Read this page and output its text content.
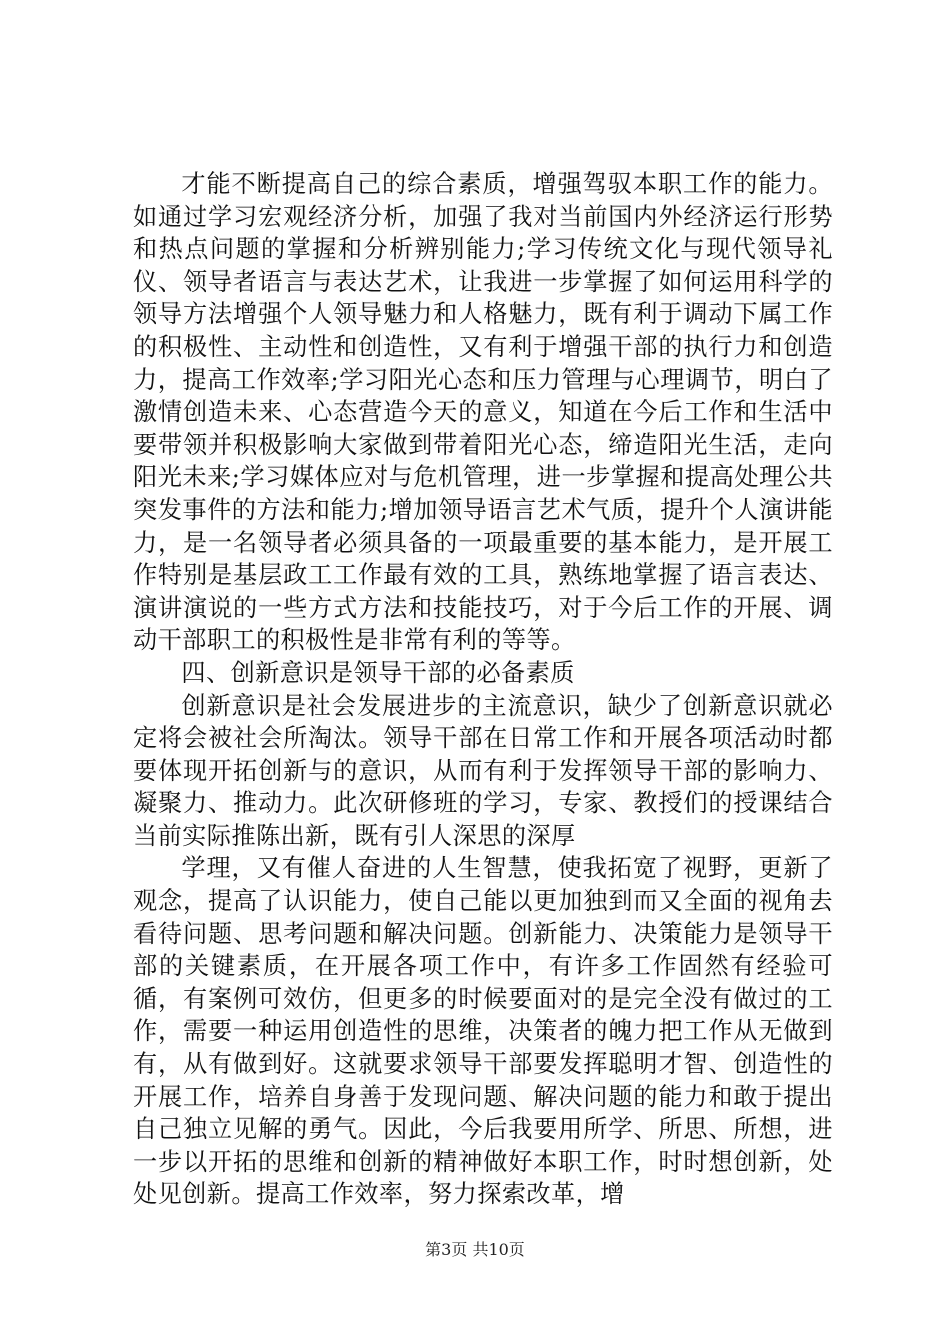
才能不断提高自己的综合素质，增强驾驭本职工作的能力。如通过学习宏观经济分析，加强了我对当前国内外经济运行形势和热点问题的掌握和分析辨别能力;学习传统文化与现代领导礼仪、领导者语言与表达艺术，让我进一步掌握了如何运用科学的领导方法增强个人领导魅力和人格魅力，既有利于调动下属工作的积极性、主动性和创造性，又有利于增强干部的执行力和创造力，提高工作效率;学习阳光心态和压力管理与心理调节，明白了激情创造未来、心态营造今天的意义，知道在今后工作和生活中要带领并积极影响大家做到带着阳光心态，缔造阳光生活，走向阳光未来;学习媒体应对与危机管理，进一步掌握和提高处理公共突发事件的方法和能力;增加领导语言艺术气质，提升个人演讲能力，是一名领导者必须具备的一项最重要的基本能力，是开展工作特别是基层政工工作最有效的工具，熟练地掌握了语言表达、演讲演说的一些方式方法和技能技巧，对于今后工作的开展、调动干部职工的积极性是非常有利的等等。

四、创新意识是领导干部的必备素质

创新意识是社会发展进步的主流意识，缺少了创新意识就必定将会被社会所淘汰。领导干部在日常工作和开展各项活动时都要体现开拓创新与的意识，从而有利于发挥领导干部的影响力、凝聚力、推动力。此次研修班的学习，专家、教授们的授课结合当前实际推陈出新，既有引人深思的深厚

学理，又有催人奋进的人生智慧，使我拓宽了视野，更新了观念，提高了认识能力，使自己能以更加独到而又全面的视角去看待问题、思考问题和解决问题。创新能力、决策能力是领导干部的关键素质，在开展各项工作中，有许多工作固然有经验可循，有案例可效仿，但更多的时候要面对的是完全没有做过的工作，需要一种运用创造性的思维，决策者的魄力把工作从无做到有，从有做到好。这就要求领导干部要发挥聪明才智、创造性的开展工作，培养自身善于发现问题、解决问题的能力和敢于提出自己独立见解的勇气。因此，今后我要用所学、所思、所想，进一步以开拓的思维和创新的精神做好本职工作，时时想创新，处处见创新。提高工作效率，努力探索改革，增

第3页 共10页
